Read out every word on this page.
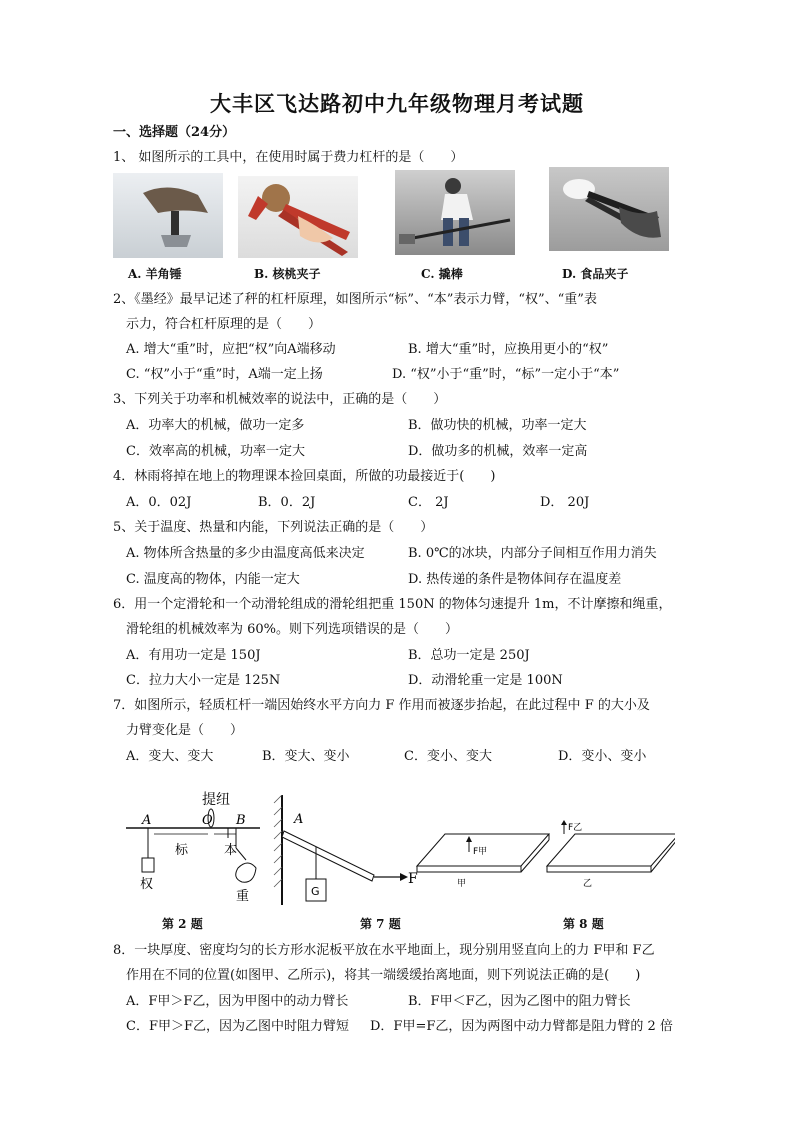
大丰区飞达路初中九年级物理月考试题
一、选择题（24分）
1、 如图所示的工具中，在使用时属于费力杠杆的是（　　）
A. 羊角锤	B. 核桃夹子	C. 撬棒	D. 食品夹子
2、《墨经》最早记述了秤的杠杆原理，如图所示“标”、“本”表示力臂，“权”、“重”表
示力，符合杠杆原理的是（　　）
A. 增大“重”时，应把“权”向A端移动	B. 增大“重”时，应换用更小的“权”
C. “权”小于“重”时，A端一定上扬	D. “权”小于“重”时，“标”一定小于“本”
3、下列关于功率和机械效率的说法中，正确的是（　　）
A．功率大的机械，做功一定多	B．做功快的机械，功率一定大
C．效率高的机械，功率一定大	D．做功多的机械，效率一定高
4．林雨将掉在地上的物理课本捡回桌面，所做的功最接近于(　　)
A．0．02J	B．0．2J	C． 2J	D． 20J
5、关于温度、热量和内能，下列说法正确的是（　　）
A. 物体所含热量的多少由温度高低来决定	B. 0℃的冰块，内部分子间相互作用力消失
C. 温度高的物体，内能一定大	D. 热传递的条件是物体间存在温度差
6．用一个定滑轮和一个动滑轮组成的滑轮组把重 150N 的物体匀速提升 1m，不计摩擦和绳重，
滑轮组的机械效率为 60%。则下列选项错误的是（　　）
A．有用功一定是 150J	B．总功一定是 250J
C．拉力大小一定是 125N	D．动滑轮重一定是 100N
7．如图所示，轻质杠杆一端因始终水平方向力 F 作用而被逐步抬起，在此过程中 F 的大小及
力臂变化是（　　）
A．变大、变大	B．变大、变小	C．变小、变大	D．变小、变小
提纽
A	O B
标	本
权
重
A
G
F
F甲
F乙
甲	乙
第 2 题	第 7 题	第 8 题
8．一块厚度、密度均匀的长方形水泥板平放在水平地面上，现分别用竖直向上的力 F甲和 F乙
作用在不同的位置(如图甲、乙所示)，将其一端缓缓抬离地面，则下列说法正确的是(　　)
A．F甲＞F乙，因为甲图中的动力臂长	B．F甲＜F乙，因为乙图中的阻力臂长
C．F甲＞F乙，因为乙图中时阻力臂短 D．F甲=F乙，因为两图中动力臂都是阻力臂的 2 倍
